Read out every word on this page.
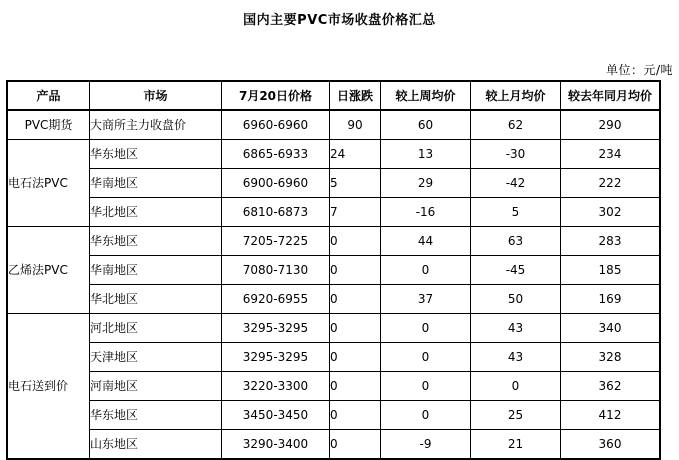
国内主要PVC市场收盘价格汇总
单位：元/吨
产品	市场	7月20日价格	日涨跌	较上周均价	较上月均价	较去年同月均价
PVC期货	大商所主力收盘价	6960-6960	90	60	62	290
电石法PVC	华东地区	6865-6933	24	13	-30	234
	华南地区	6900-6960	5	29	-42	222
	华北地区	6810-6873	7	-16	5	302
乙烯法PVC	华东地区	7205-7225	0	44	63	283
	华南地区	7080-7130	0	0	-45	185
	华北地区	6920-6955	0	37	50	169
电石送到价	河北地区	3295-3295	0	0	43	340
	天津地区	3295-3295	0	0	43	328
	河南地区	3220-3300	0	0	0	362
	华东地区	3450-3450	0	0	25	412
	山东地区	3290-3400	0	-9	21	360
